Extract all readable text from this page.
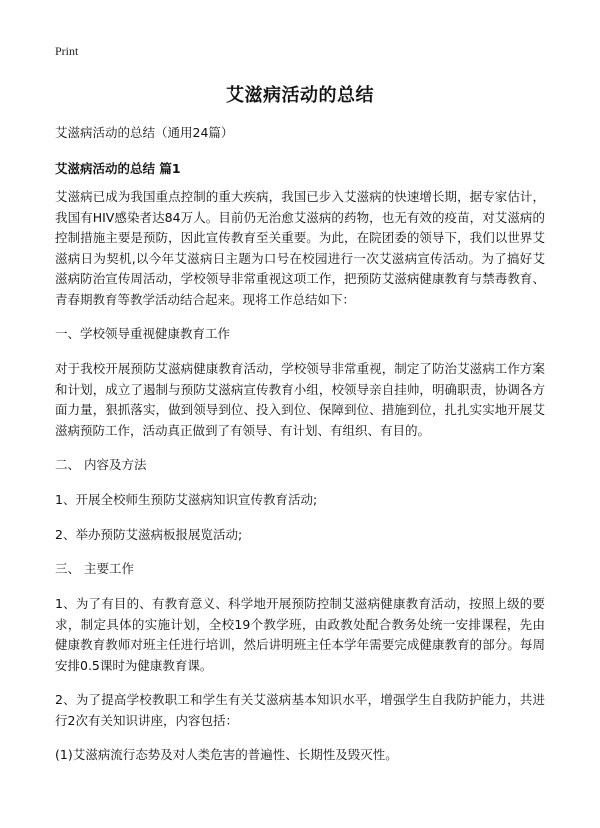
Print
艾滋病活动的总结
艾滋病活动的总结（通用24篇）
艾滋病活动的总结 篇1

艾滋病已成为我国重点控制的重大疾病，我国已步入艾滋病的快速增长期，据专家估计，我国有HIV感染者达84万人。目前仍无治愈艾滋病的药物，也无有效的疫苗，对艾滋病的控制措施主要是预防，因此宣传教育至关重要。为此，在院团委的领导下，我们以世界艾滋病日为契机,以今年艾滋病日主题为口号在校园进行一次艾滋病宣传活动。为了搞好艾滋病防治宣传周活动，学校领导非常重视这项工作，把预防艾滋病健康教育与禁毒教育、青春期教育等教学活动结合起来。现将工作总结如下：

一、学校领导重视健康教育工作

对于我校开展预防艾滋病健康教育活动，学校领导非常重视，制定了防治艾滋病工作方案和计划，成立了遏制与预防艾滋病宣传教育小组，校领导亲自挂帅，明确职责，协调各方面力量，狠抓落实，做到领导到位、投入到位、保障到位、措施到位，扎扎实实地开展艾滋病预防工作，活动真正做到了有领导、有计划、有组织、有目的。

二、 内容及方法

1、开展全校师生预防艾滋病知识宣传教育活动;

2、举办预防艾滋病板报展览活动;

三、 主要工作

1、为了有目的、有教育意义、科学地开展预防控制艾滋病健康教育活动，按照上级的要求，制定具体的实施计划，全校19个教学班，由政教处配合教务处统一安排课程，先由健康教育教师对班主任进行培训，然后讲明班主任本学年需要完成健康教育的部分。每周安排0.5课时为健康教育课。

2、为了提高学校教职工和学生有关艾滋病基本知识水平，增强学生自我防护能力，共进行2次有关知识讲座，内容包括：

(1)艾滋病流行态势及对人类危害的普遍性、长期性及毁灭性。
